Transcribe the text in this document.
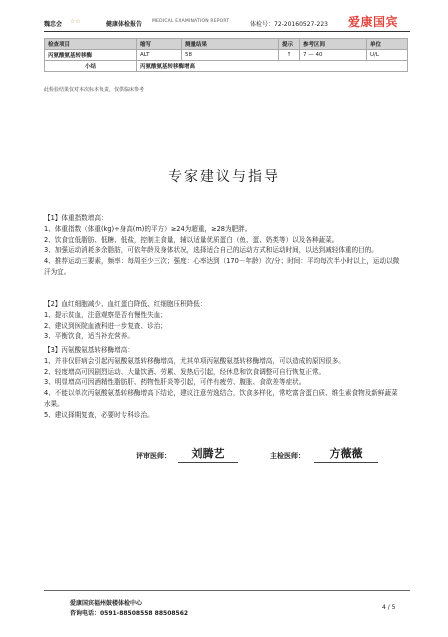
魏忠会 ☆☆	健康体检报告 MEDICAL EXAMINATION REPORT	体检号：72-20160527-223 爱康国宾
检查项目	缩写	测量结果	提示	参考区间	单位
丙氨酸氨基转移酶	ALT	58	↑	7 — 40	U/L
小结	丙氨酸氨基转移酶增高				
此检验结果仅对本次标本负责，仅供临床参考
专家建议与指导

【1】体重指数增高：

1、体重指数（体重(kg)÷身高(m)的平方）≥24为超重，≥28为肥胖。

2、饮食宜低脂肪、低糖、低盐，控制主食量，辅以适量优质蛋白（鱼、蛋、奶类等）以及各种蔬菜。

3、加强运动消耗多余脂肪，可依年龄及身体状况，选择适合自己的运动方式和运动时间，以达到减轻体重的目的。

4、推荐运动三要素，频率：每周至少三次；强度：心率达到（170－年龄）次/分；时间：平均每次半小时以上，运动以微汗为宜。

【2】血红细胞减少、血红蛋白降低、红细胞压积降低：

1、提示贫血，注意观察是否有慢性失血；

2、建议到医院血液科进一步复查、诊治；

3、平衡饮食，适当补充营养。

【3】丙氨酸氨基转移酶增高：

1、并非仅肝病会引起丙氨酸氨基转移酶增高，尤其单项丙氨酸氨基转移酶增高，可以造成的原因很多。

2、轻度增高可因剧烈运动、大量饮酒、劳累、发热后引起，经休息和饮食调整可自行恢复正常。

3、明显增高可因酒精性脂肪肝、药物性肝炎等引起，可伴有疲劳、腹胀、食欲差等症状。

4、不能以单次丙氨酸氨基转移酶增高下结论，建议注意劳逸结合，饮食多样化，常吃富含蛋白质、维生素食物及新鲜蔬菜水果。

5、建议择期复查，必要时专科诊治。

评审医师：	刘腾艺	主检医师：	方薇薇
爱康国宾福州鼓楼体检中心
咨询电话：0591-88508558 88508562
4 / 5
